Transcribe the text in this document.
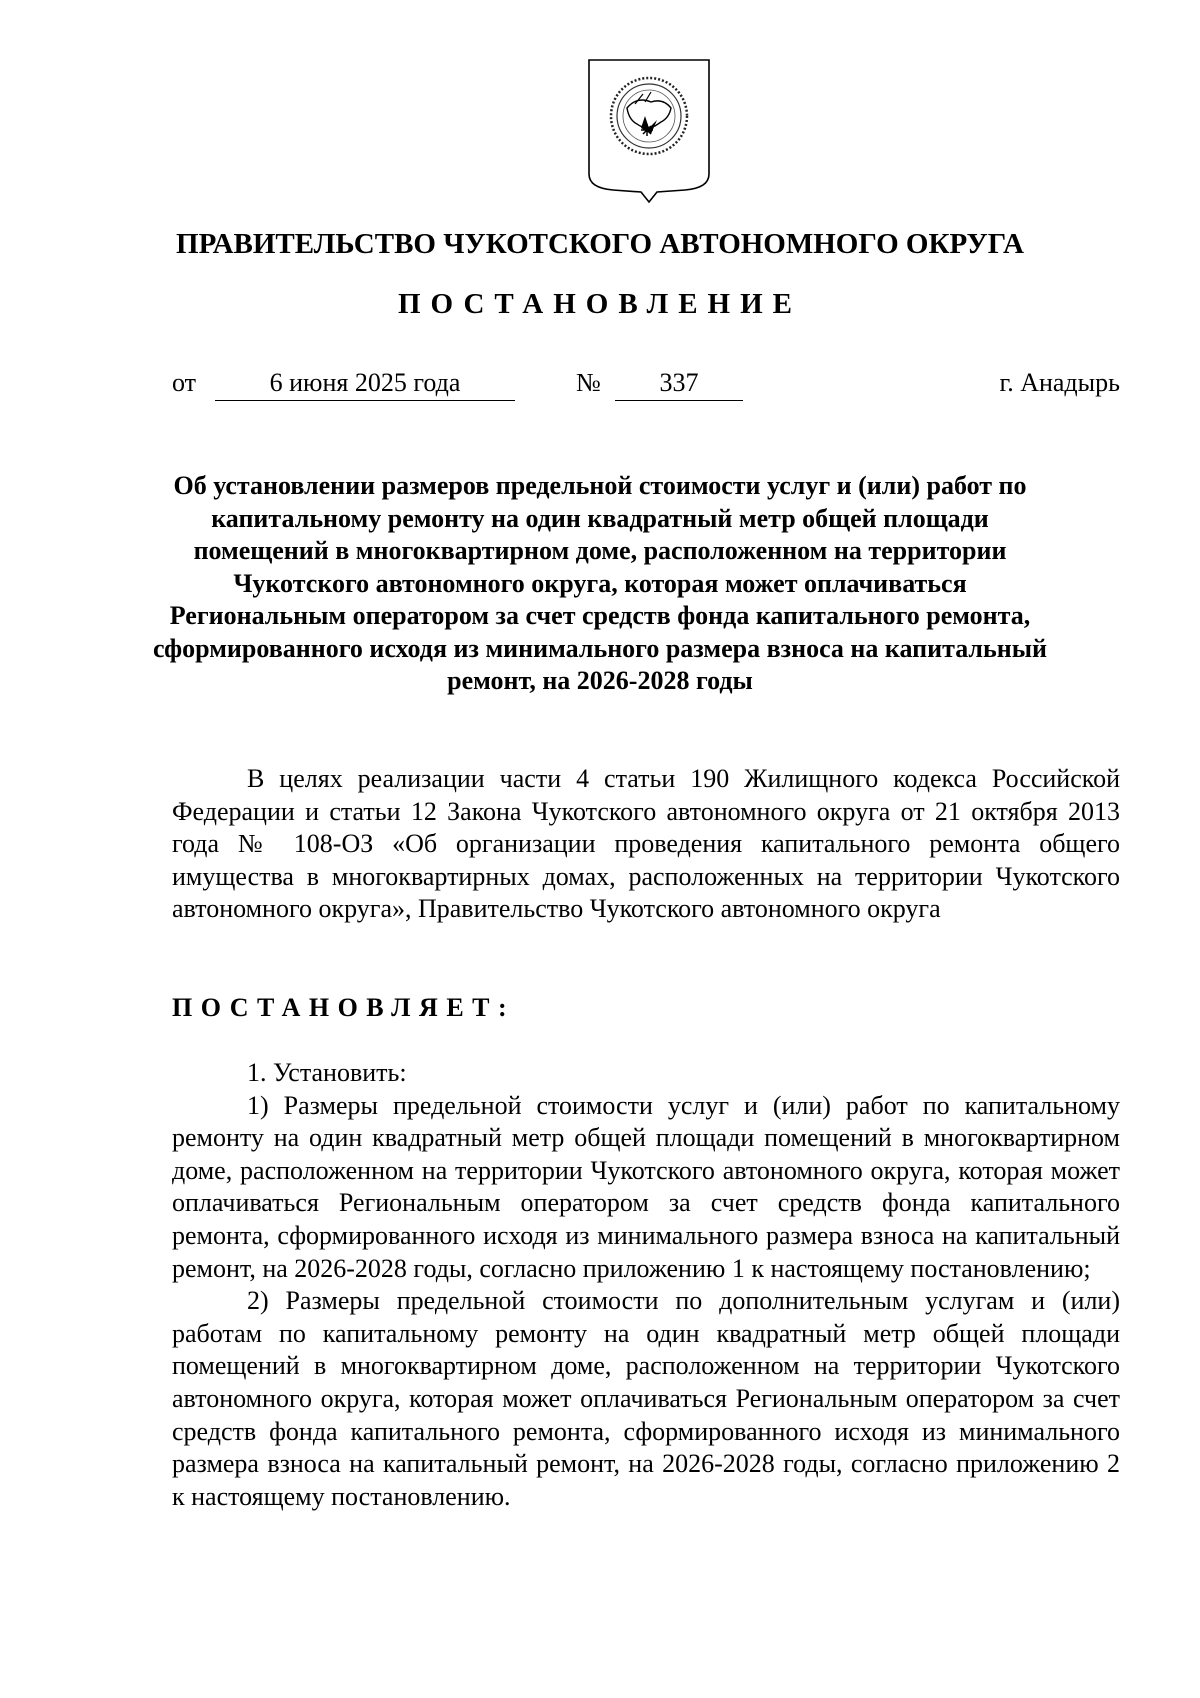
ПРАВИТЕЛЬСТВО ЧУКОТСКОГО АВТОНОМНОГО ОКРУГА
ПОСТАНОВЛЕНИЕ
от	6 июня 2025 года	№	337	г. Анадырь
Об установлении размеров предельной стоимости услуг и (или) работ по капитальному ремонту на один квадратный метр общей площади помещений в многоквартирном доме, расположенном на территории Чукотского автономного округа, которая может оплачиваться Региональным оператором за счет средств фонда капитального ремонта, сформированного исходя из минимального размера взноса на капитальный ремонт, на 2026-2028 годы
В целях реализации части 4 статьи 190 Жилищного кодекса Российской Федерации и статьи 12 Закона Чукотского автономного округа от 21 октября 2013 года № 108-ОЗ «Об организации проведения капитального ремонта общего имущества в многоквартирных домах, расположенных на территории Чукотского автономного округа», Правительство Чукотского автономного округа
ПОСТАНОВЛЯЕТ:

1. Установить:

1) Размеры предельной стоимости услуг и (или) работ по капитальному ремонту на один квадратный метр общей площади помещений в многоквартирном доме, расположенном на территории Чукотского автономного округа, которая может оплачиваться Региональным оператором за счет средств фонда капитального ремонта, сформированного исходя из минимального размера взноса на капитальный ремонт, на 2026-2028 годы, согласно приложению 1 к настоящему постановлению;

2) Размеры предельной стоимости по дополнительным услугам и (или) работам по капитальному ремонту на один квадратный метр общей площади помещений в многоквартирном доме, расположенном на территории Чукотского автономного округа, которая может оплачиваться Региональным оператором за счет средств фонда капитального ремонта, сформированного исходя из минимального размера взноса на капитальный ремонт, на 2026-2028 годы, согласно приложению 2 к настоящему постановлению.
